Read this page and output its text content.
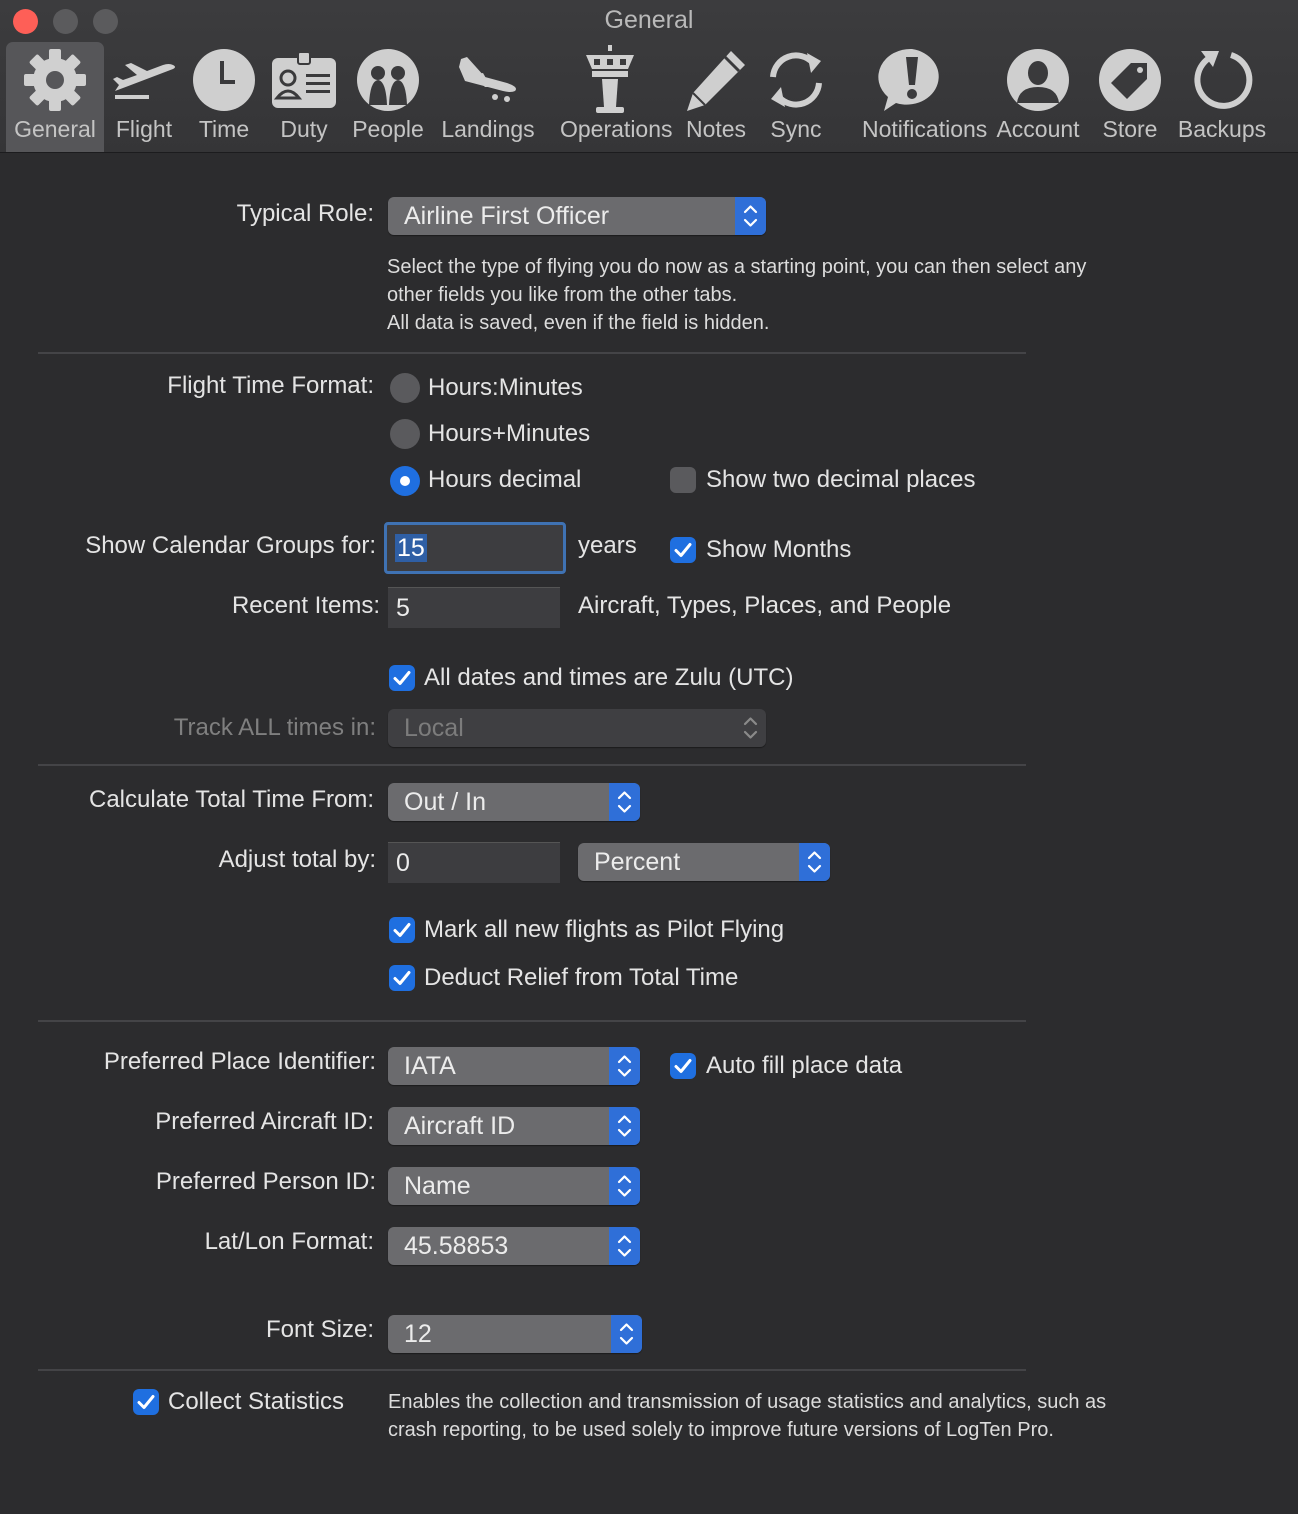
General
General Flight	Time	Duty	People Landings Operations Notes	Sync	Notifications Account Store Backups
Typical Role: Airline First Officer
Select the type of flying you do now as a starting point, you can then select any
other fields you like from the other tabs.
All data is saved, even if the field is hidden.
Flight Time Format: Hours:Minutes
Hours+Minutes
Hours decimal	Show two decimal places
Show Calendar Groups for: 15	years	Show Months
Recent Items: 5	Aircraft, Types, Places, and People
All dates and times are Zulu (UTC)
Track ALL times in: Local
Calculate Total Time From: Out / In
Adjust total by: 0	Percent
Mark all new flights as Pilot Flying
Deduct Relief from Total Time
Preferred Place Identifier: IATA	Auto fill place data
Preferred Aircraft ID: Aircraft ID
Preferred Person ID: Name
Lat/Lon Format: 45.58853
Font Size: 12
Collect Statistics Enables the collection and transmission of usage statistics and analytics, such as
crash reporting, to be used solely to improve future versions of LogTen Pro.
